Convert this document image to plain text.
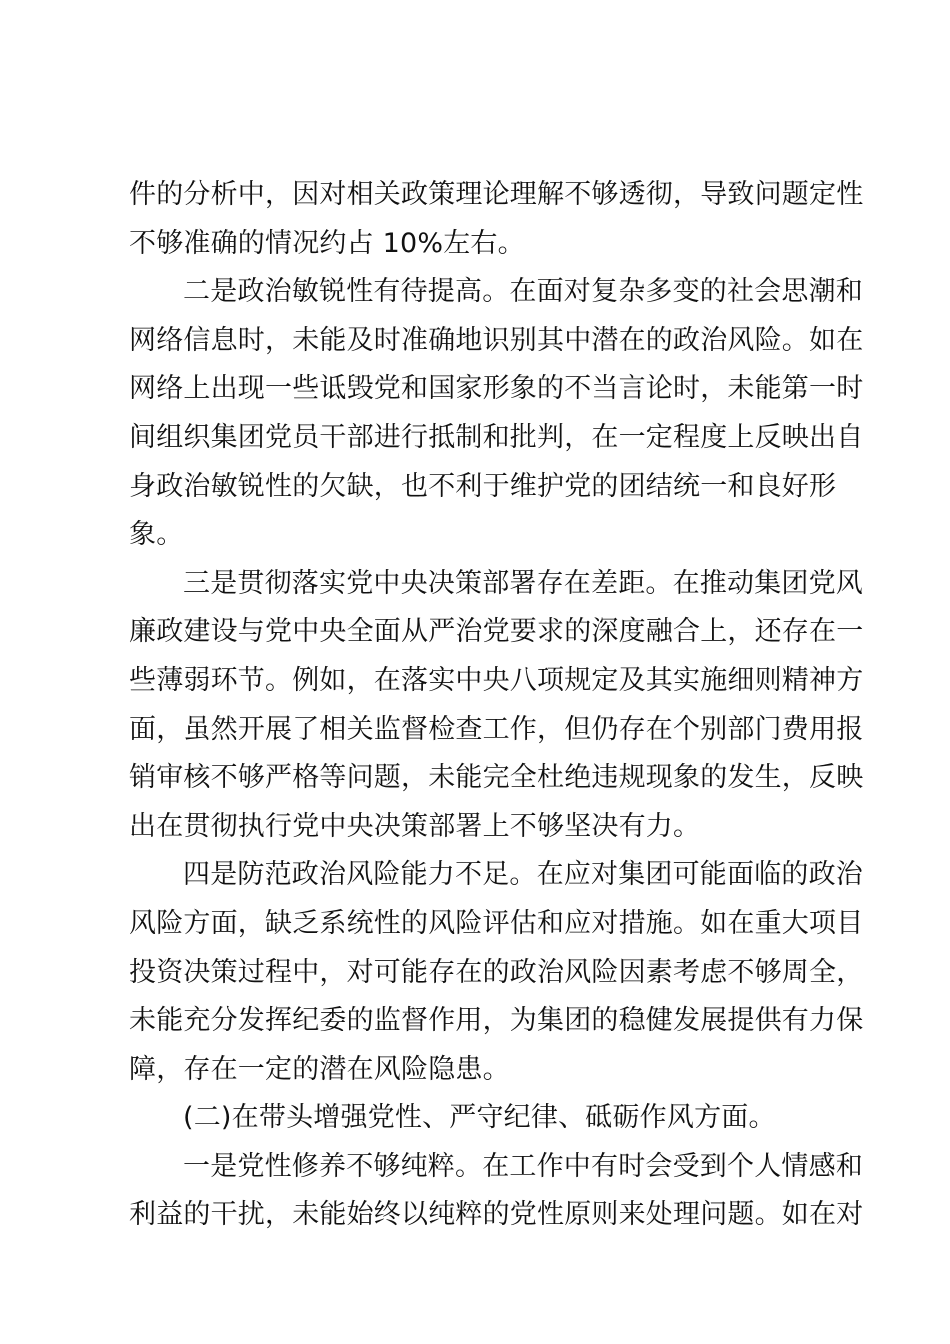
件的分析中，因对相关政策理论理解不够透彻，导致问题定性
不够准确的情况约占 10%左右。
二是政治敏锐性有待提高。在面对复杂多变的社会思潮和
网络信息时，未能及时准确地识别其中潜在的政治风险。如在
网络上出现一些诋毁党和国家形象的不当言论时，未能第一时
间组织集团党员干部进行抵制和批判，在一定程度上反映出自
身政治敏锐性的欠缺，也不利于维护党的团结统一和良好形
象。
三是贯彻落实党中央决策部署存在差距。在推动集团党风
廉政建设与党中央全面从严治党要求的深度融合上，还存在一
些薄弱环节。例如，在落实中央八项规定及其实施细则精神方
面，虽然开展了相关监督检查工作，但仍存在个别部门费用报
销审核不够严格等问题，未能完全杜绝违规现象的发生，反映
出在贯彻执行党中央决策部署上不够坚决有力。
四是防范政治风险能力不足。在应对集团可能面临的政治
风险方面，缺乏系统性的风险评估和应对措施。如在重大项目
投资决策过程中，对可能存在的政治风险因素考虑不够周全，
未能充分发挥纪委的监督作用，为集团的稳健发展提供有力保
障，存在一定的潜在风险隐患。
(二)在带头增强党性、严守纪律、砥砺作风方面。
一是党性修养不够纯粹。在工作中有时会受到个人情感和
利益的干扰，未能始终以纯粹的党性原则来处理问题。如在对
